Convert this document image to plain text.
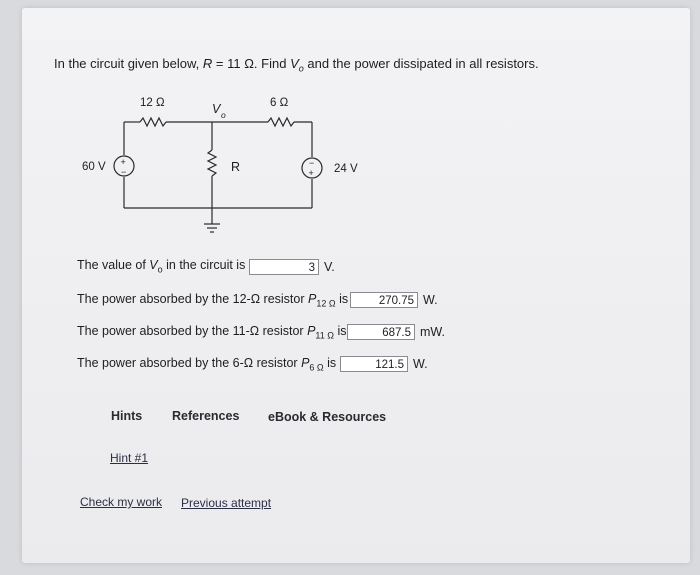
In the circuit given below, R = 11 Ω. Find $V_o$ and the power dissipated in all resistors.
12 Ω	V o
6 Ω
60 V +
−	R	−
+ 24 V
The value of $V_o$ in the circuit is	3 V.
The power absorbed by the 12-Ω resistor $P_{12 \Omega}$ is	270.75 W.
The power absorbed by the 11-Ω resistor $P_{11 \Omega}$ is	687.5 mW.
The power absorbed by the 6-Ω resistor $P_{6 \Omega}$ is	121.5 W.
Hints References eBook & Resources
Hint #1
Check my work Previous attempt
